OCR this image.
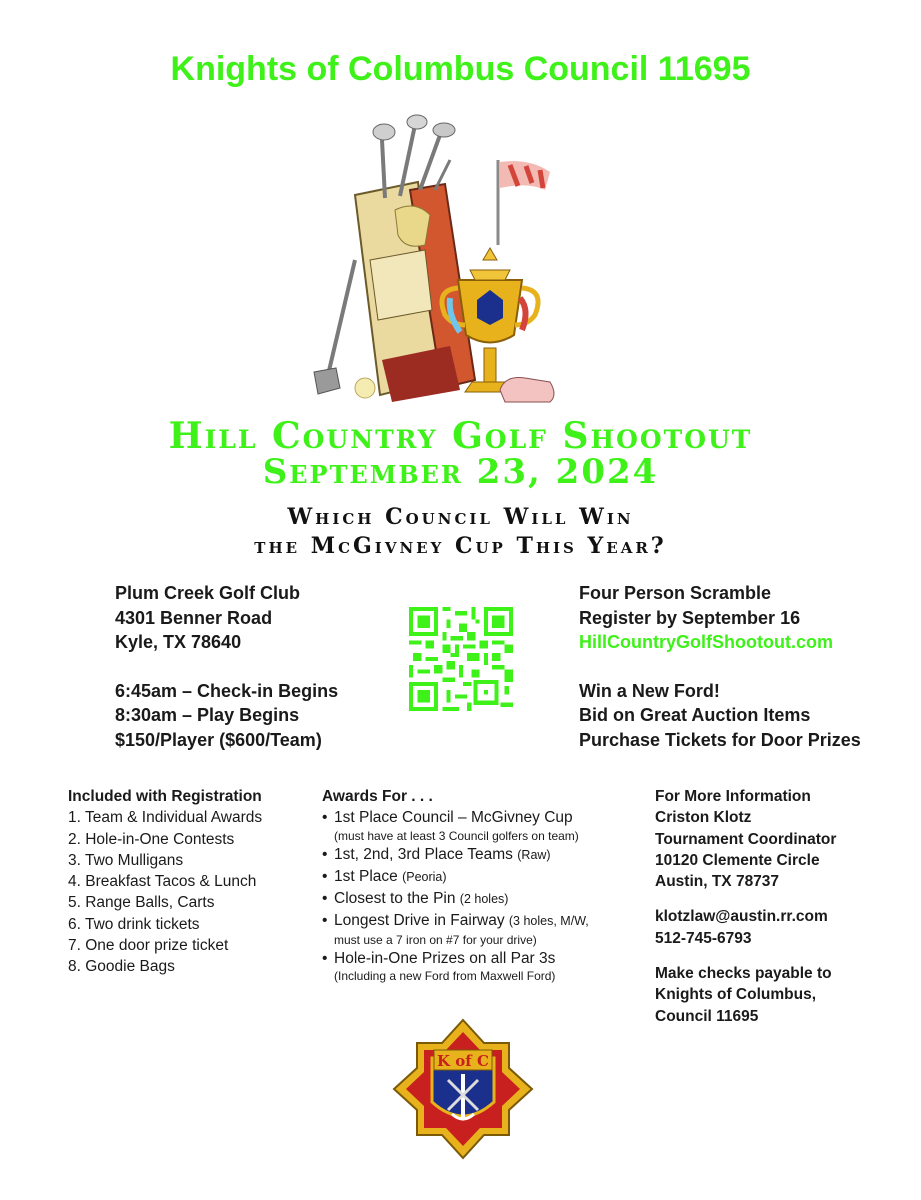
Knights of Columbus Council 11695
Hill Country Golf Shootout
September 23, 2024
Which Council Will Win
the McGivney Cup This Year?
Plum Creek Golf Club
4301 Benner Road
Kyle, TX 78640
6:45am – Check-in Begins
8:30am – Play Begins
$150/Player ($600/Team)
Four Person Scramble
Register by September 16
HillCountryGolfShootout.com
Win a New Ford!
Bid on Great Auction Items
Purchase Tickets for Door Prizes
Included with Registration
1. Team & Individual Awards
2. Hole-in-One Contests
3. Two Mulligans
4. Breakfast Tacos & Lunch
5. Range Balls, Carts
6. Two drink tickets
7. One door prize ticket
8. Goodie Bags
Awards For . . .
• 1st Place Council – McGivney Cup
(must have at least 3 Council golfers on team)
• 1st, 2nd, 3rd Place Teams (Raw)
• 1st Place (Peoria)
• Closest to the Pin (2 holes)
• Longest Drive in Fairway (3 holes, M/W,
must use a 7 iron on #7 for your drive)
• Hole-in-One Prizes on all Par 3s
(Including a new Ford from Maxwell Ford)
For More Information
Criston Klotz
Tournament Coordinator
10120 Clemente Circle
Austin, TX 78737
klotzlaw@austin.rr.com
512-745-6793
Make checks payable to
Knights of Columbus,
Council 11695
K of C
